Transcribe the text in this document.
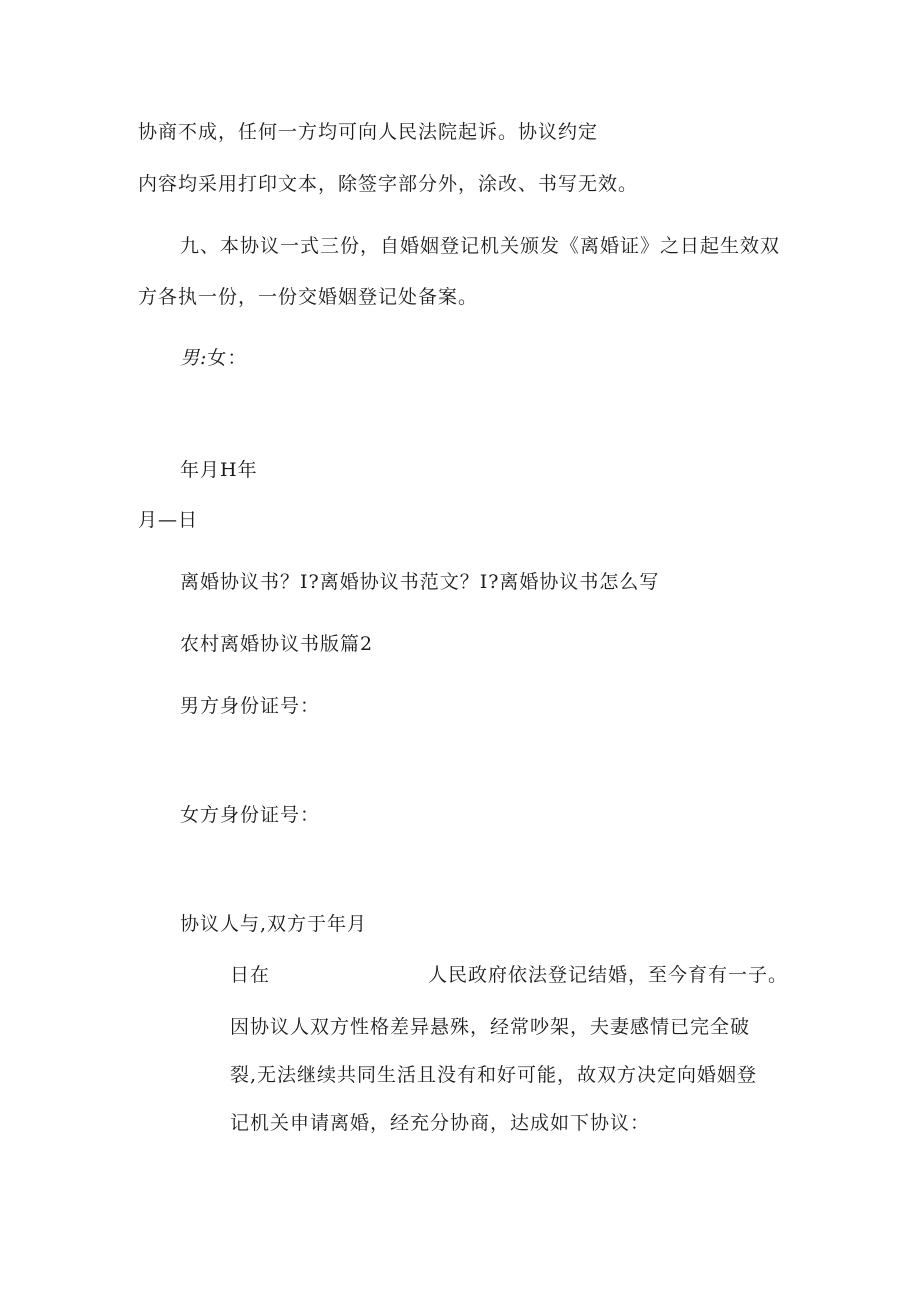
协商不成，任何一方均可向人民法院起诉。协议约定
内容均采用打印文本，除签字部分外，涂改、书写无效。
九、本协议一式三份，自婚姻登记机关颁发《离婚证》之日起生效双
方各执一份，一份交婚姻登记处备案。
男:女：
年月H年
月—日
离婚协议书？I?离婚协议书范文？I?离婚协议书怎么写
农村离婚协议书版篇2
男方身份证号：
女方身份证号：
协议人与,双方于年月
日在	人民政府依法登记结婚，至今育有一子。
因协议人双方性格差异悬殊，经常吵架，夫妻感情已完全破
裂,无法继续共同生活且没有和好可能，故双方决定向婚姻登
记机关申请离婚，经充分协商，达成如下协议：
